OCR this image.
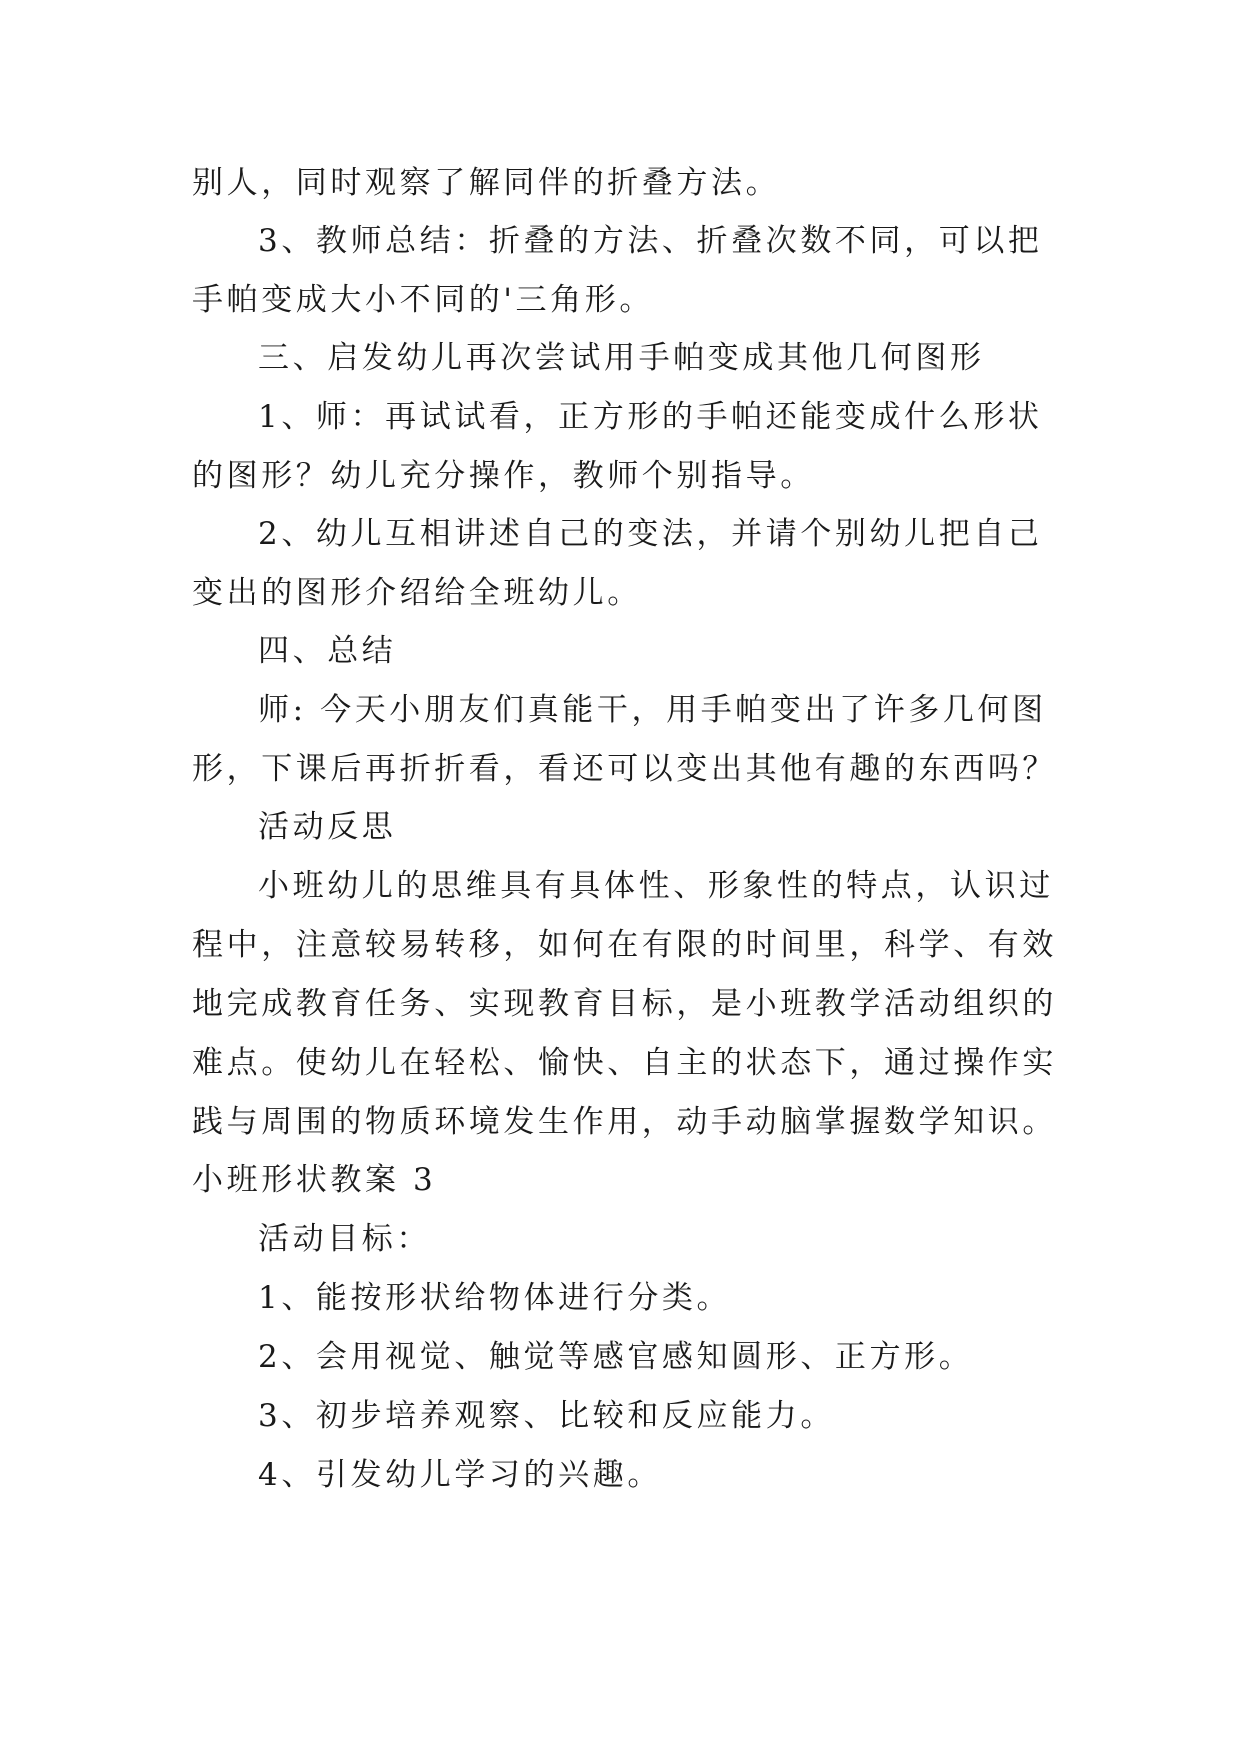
别人，同时观察了解同伴的折叠方法。

3、教师总结：折叠的方法、折叠次数不同，可以把手帕变成大小不同的'三角形。

三、启发幼儿再次尝试用手帕变成其他几何图形

1、师：再试试看，正方形的手帕还能变成什么形状的图形？幼儿充分操作，教师个别指导。

2、幼儿互相讲述自己的变法，并请个别幼儿把自己变出的图形介绍给全班幼儿。

四、总结

师: 今天小朋友们真能干，用手帕变出了许多几何图形，下课后再折折看，看还可以变出其他有趣的东西吗？

活动反思

小班幼儿的思维具有具体性、形象性的特点，认识过程中，注意较易转移，如何在有限的时间里，科学、有效地完成教育任务、实现教育目标，是小班教学活动组织的难点。使幼儿在轻松、愉快、自主的状态下，通过操作实践与周围的物质环境发生作用，动手动脑掌握数学知识。

小班形状教案 3

活动目标：

1、能按形状给物体进行分类。

2、会用视觉、触觉等感官感知圆形、正方形。

3、初步培养观察、比较和反应能力。

4、引发幼儿学习的兴趣。
